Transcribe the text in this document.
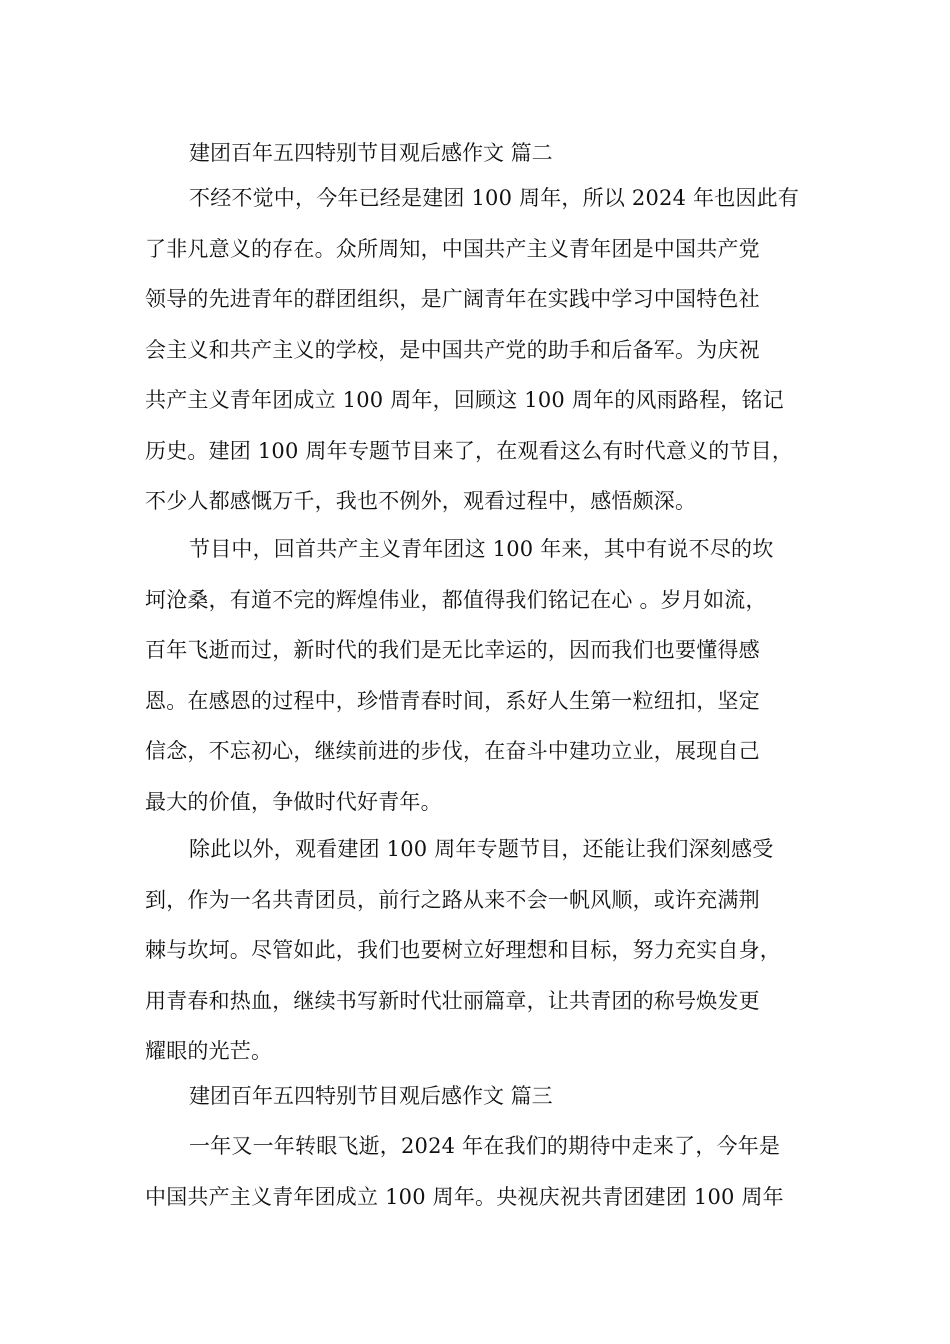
建团百年五四特别节目观后感作文 篇二
不经不觉中，今年已经是建团 100 周年，所以 2024 年也因此有
了非凡意义的存在。众所周知，中国共产主义青年团是中国共产党
领导的先进青年的群团组织，是广阔青年在实践中学习中国特色社
会主义和共产主义的学校，是中国共产党的助手和后备军。为庆祝
共产主义青年团成立 100 周年，回顾这 100 周年的风雨路程，铭记
历史。建团 100 周年专题节目来了，在观看这么有时代意义的节目，
不少人都感慨万千，我也不例外，观看过程中，感悟颇深。
节目中，回首共产主义青年团这 100 年来，其中有说不尽的坎
坷沧桑，有道不完的辉煌伟业，都值得我们铭记在心 。岁月如流，
百年飞逝而过，新时代的我们是无比幸运的，因而我们也要懂得感
恩。在感恩的过程中，珍惜青春时间，系好人生第一粒纽扣，坚定
信念，不忘初心，继续前进的步伐，在奋斗中建功立业，展现自己
最大的价值，争做时代好青年。
除此以外，观看建团 100 周年专题节目，还能让我们深刻感受
到，作为一名共青团员，前行之路从来不会一帆风顺，或许充满荆
棘与坎坷。尽管如此，我们也要树立好理想和目标，努力充实自身，
用青春和热血，继续书写新时代壮丽篇章，让共青团的称号焕发更
耀眼的光芒。
建团百年五四特别节目观后感作文 篇三
一年又一年转眼飞逝，2024 年在我们的期待中走来了，今年是
中国共产主义青年团成立 100 周年。央视庆祝共青团建团 100 周年
